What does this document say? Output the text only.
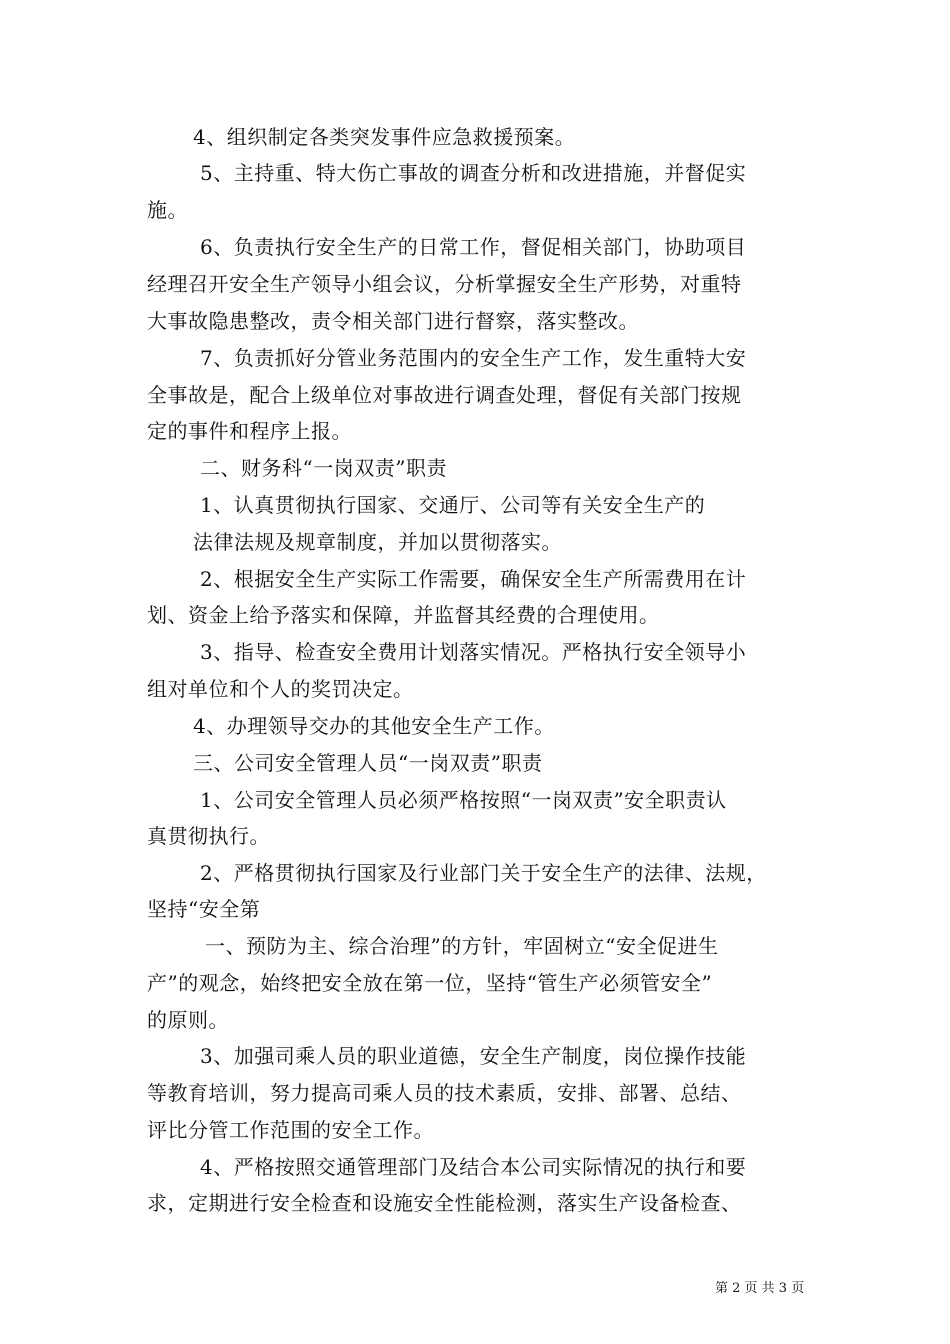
4、组织制定各类突发事件应急救援预案。

5、主持重、特大伤亡事故的调查分析和改进措施，并督促实

施。

6、负责执行安全生产的日常工作，督促相关部门，协助项目

经理召开安全生产领导小组会议，分析掌握安全生产形势，对重特

大事故隐患整改，责令相关部门进行督察，落实整改。

7、负责抓好分管业务范围内的安全生产工作，发生重特大安

全事故是，配合上级单位对事故进行调查处理，督促有关部门按规

定的事件和程序上报。

二、财务科“一岗双责”职责

1、认真贯彻执行国家、交通厅、公司等有关安全生产的

法律法规及规章制度，并加以贯彻落实。

2、根据安全生产实际工作需要，确保安全生产所需费用在计

划、资金上给予落实和保障，并监督其经费的合理使用。

3、指导、检查安全费用计划落实情况。严格执行安全领导小

组对单位和个人的奖罚决定。

4、办理领导交办的其他安全生产工作。

三、公司安全管理人员“一岗双责”职责

1、公司安全管理人员必须严格按照“一岗双责”安全职责认

真贯彻执行。

2、严格贯彻执行国家及行业部门关于安全生产的法律、法规，

坚持“安全第

一、预防为主、综合治理”的方针，牢固树立“安全促进生

产”的观念，始终把安全放在第一位，坚持“管生产必须管安全”

的原则。

3、加强司乘人员的职业道德，安全生产制度，岗位操作技能

等教育培训，努力提高司乘人员的技术素质，安排、部署、总结、

评比分管工作范围的安全工作。

4、严格按照交通管理部门及结合本公司实际情况的执行和要

求，定期进行安全检查和设施安全性能检测，落实生产设备检查、

第 2 页 共 3 页
